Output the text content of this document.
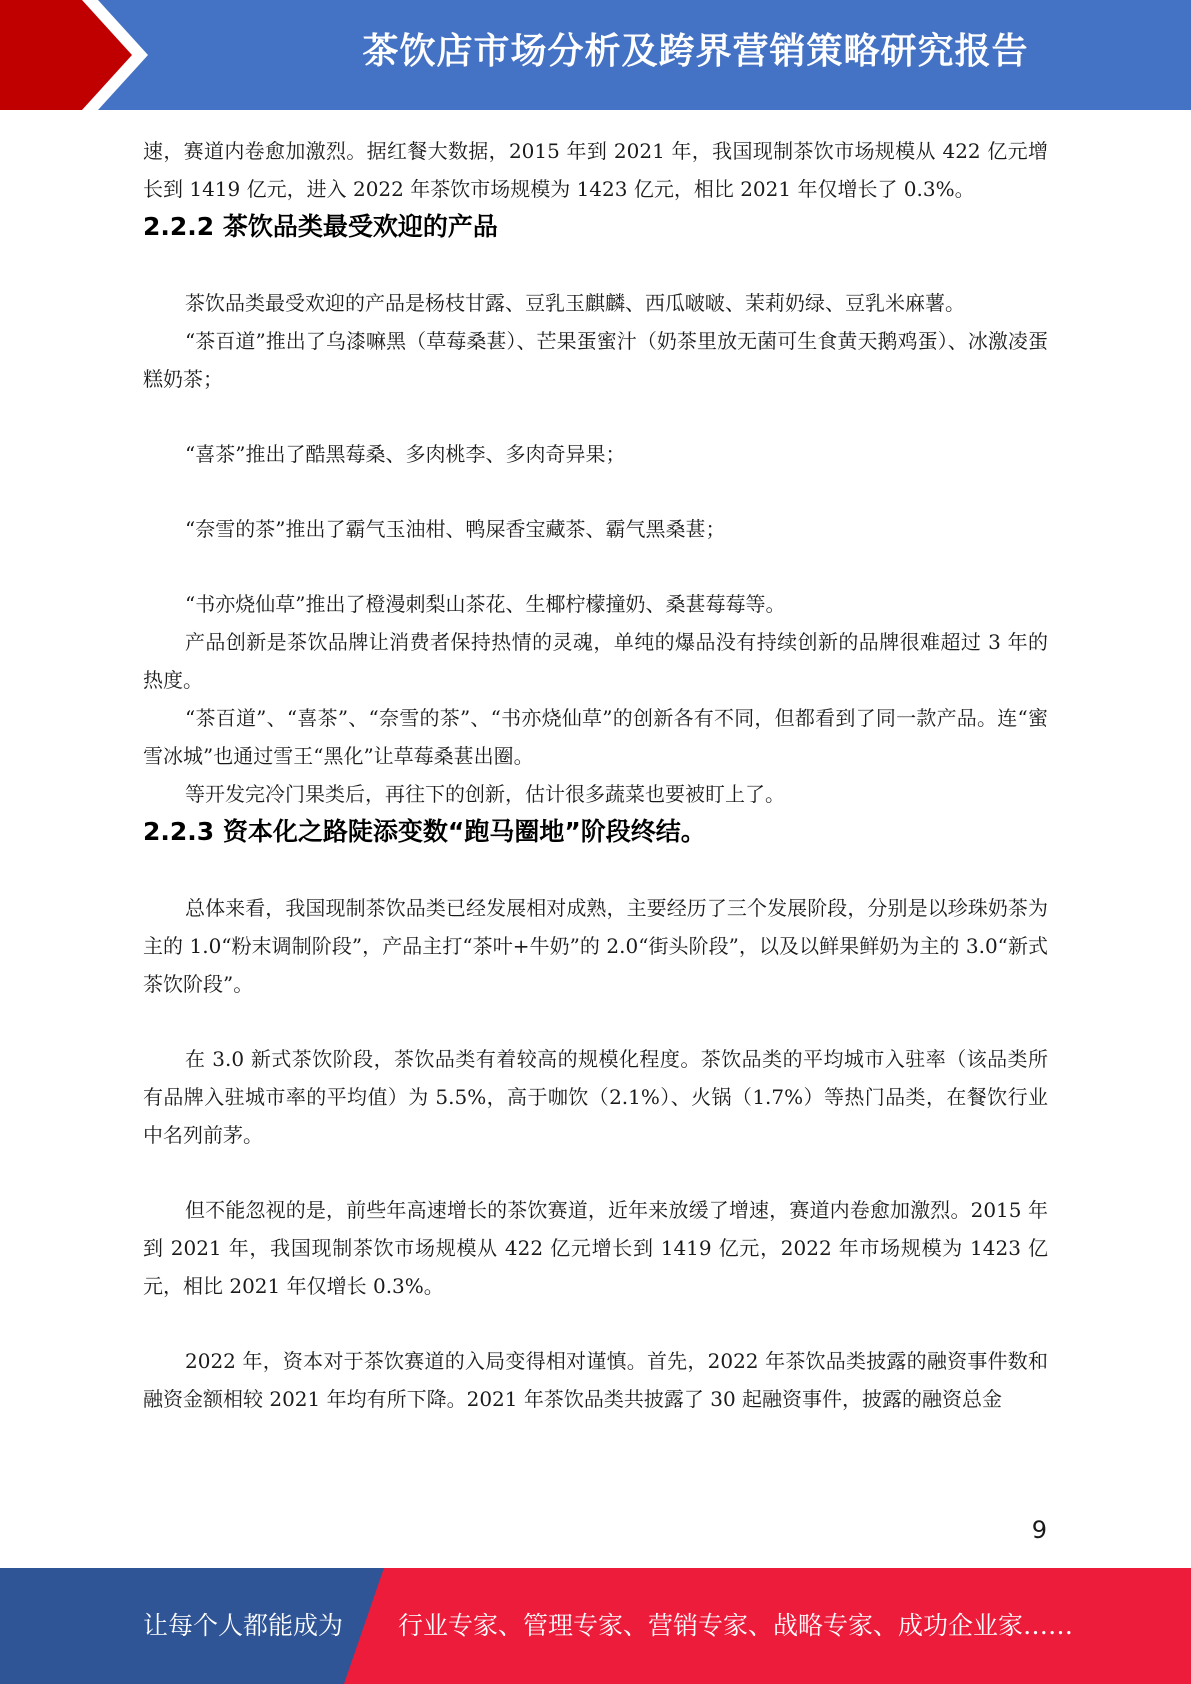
茶饮店市场分析及跨界营销策略研究报告

速，赛道内卷愈加激烈。据红餐大数据，2015 年到 2021 年，我国现制茶饮市场规模从 422 亿元增长到 1419 亿元，进入 2022 年茶饮市场规模为 1423 亿元，相比 2021 年仅增长了 0.3%。

2.2.2 茶饮品类最受欢迎的产品

茶饮品类最受欢迎的产品是杨枝甘露、豆乳玉麒麟、西瓜啵啵、茉莉奶绿、豆乳米麻薯。

“茶百道”推出了乌漆嘛黑（草莓桑葚）、芒果蛋蜜汁（奶茶里放无菌可生食黄天鹅鸡蛋）、冰激凌蛋糕奶茶；

“喜茶”推出了酷黑莓桑、多肉桃李、多肉奇异果；

“奈雪的茶”推出了霸气玉油柑、鸭屎香宝藏茶、霸气黑桑葚；

“书亦烧仙草”推出了橙漫刺梨山茶花、生椰柠檬撞奶、桑葚莓莓等。

产品创新是茶饮品牌让消费者保持热情的灵魂，单纯的爆品没有持续创新的品牌很难超过 3 年的热度。

“茶百道”、“喜茶”、“奈雪的茶”、“书亦烧仙草”的创新各有不同，但都看到了同一款产品。连“蜜雪冰城”也通过雪王“黑化”让草莓桑葚出圈。

等开发完冷门果类后，再往下的创新，估计很多蔬菜也要被盯上了。

2.2.3 资本化之路陡添变数“跑马圈地”阶段终结。

总体来看，我国现制茶饮品类已经发展相对成熟，主要经历了三个发展阶段，分别是以珍珠奶茶为主的 1.0“粉末调制阶段”，产品主打“茶叶+牛奶”的 2.0“街头阶段”，以及以鲜果鲜奶为主的 3.0“新式茶饮阶段”。

在 3.0 新式茶饮阶段，茶饮品类有着较高的规模化程度。茶饮品类的平均城市入驻率（该品类所有品牌入驻城市率的平均值）为 5.5%，高于咖饮（2.1%）、火锅（1.7%）等热门品类，在餐饮行业中名列前茅。

但不能忽视的是，前些年高速增长的茶饮赛道，近年来放缓了增速，赛道内卷愈加激烈。2015 年到 2021 年，我国现制茶饮市场规模从 422 亿元增长到 1419 亿元，2022 年市场规模为 1423 亿元，相比 2021 年仅增长 0.3%。

2022 年，资本对于茶饮赛道的入局变得相对谨慎。首先，2022 年茶饮品类披露的融资事件数和融资金额相较 2021 年均有所下降。2021 年茶饮品类共披露了 30 起融资事件，披露的融资总金

9
让每个人都能成为 行业专家、管理专家、营销专家、战略专家、成功企业家……
